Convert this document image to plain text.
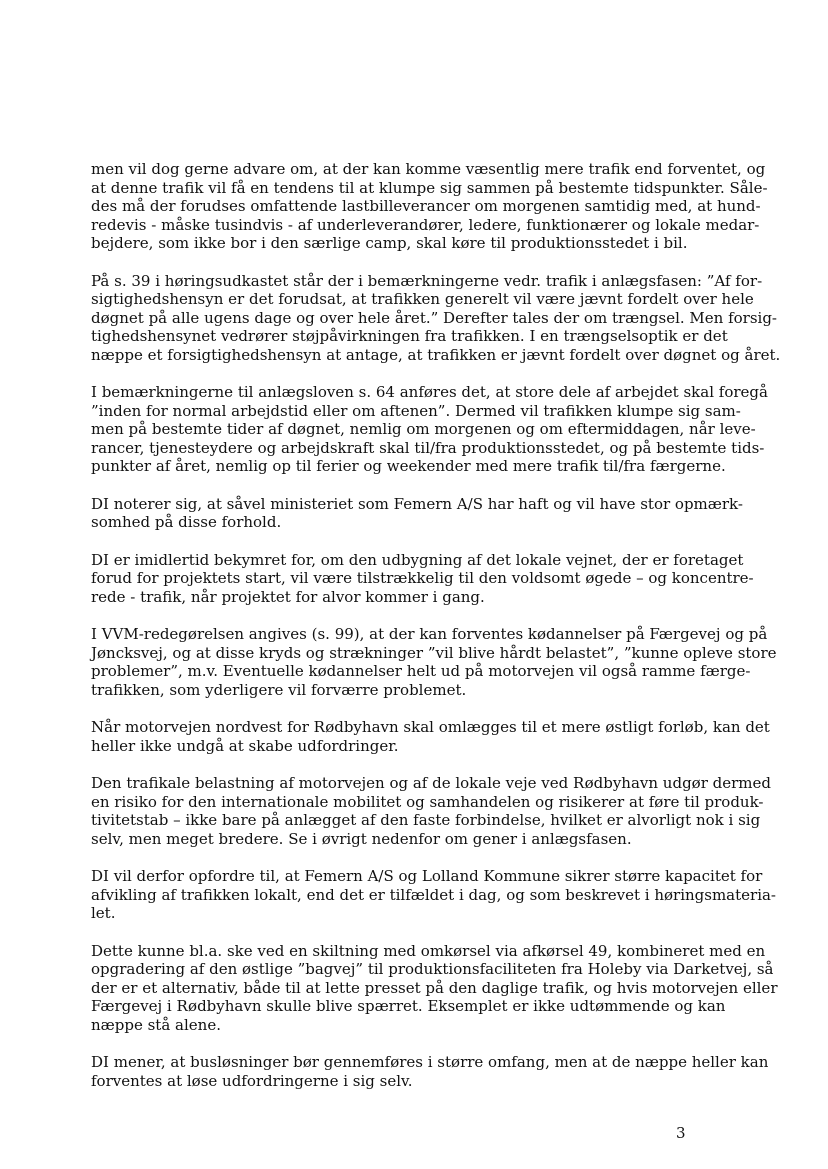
men vil dog gerne advare om, at der kan komme væsentlig mere trafik end forventet, og
at denne trafik vil få en tendens til at klumpe sig sammen på bestemte tidspunkter. Såle-
des må der forudses omfattende lastbilleverancer om morgenen samtidig med, at hund-
redevis - måske tusindvis - af underleverandører, ledere, funktionærer og lokale medar-
bejdere, som ikke bor i den særlige camp, skal køre til produktionsstedet i bil.

På s. 39 i høringsudkastet står der i bemærkningerne vedr. trafik i anlægsfasen: ”Af for-
sigtighedshensyn er det forudsat, at trafikken generelt vil være jævnt fordelt over hele
døgnet på alle ugens dage og over hele året.” Derefter tales der om trængsel. Men forsig-
tighedshensynet vedrører støjpåvirkningen fra trafikken. I en trængselsoptik er det
næppe et forsigtighedshensyn at antage, at trafikken er jævnt fordelt over døgnet og året.

I bemærkningerne til anlægsloven s. 64 anføres det, at store dele af arbejdet skal foregå
”inden for normal arbejdstid eller om aftenen”. Dermed vil trafikken klumpe sig sam-
men på bestemte tider af døgnet, nemlig om morgenen og om eftermiddagen, når leve-
rancer, tjenesteydere og arbejdskraft skal til/fra produktionsstedet, og på bestemte tids-
punkter af året, nemlig op til ferier og weekender med mere trafik til/fra færgerne.

DI noterer sig, at såvel ministeriet som Femern A/S har haft og vil have stor opmærk-
somhed på disse forhold.

DI er imidlertid bekymret for, om den udbygning af det lokale vejnet, der er foretaget
forud for projektets start, vil være tilstrækkelig til den voldsomt øgede – og koncentre-
rede - trafik, når projektet for alvor kommer i gang.

I VVM-redegørelsen angives (s. 99), at der kan forventes kødannelser på Færgevej og på
Jøncksvej, og at disse kryds og strækninger ”vil blive hårdt belastet”, ”kunne opleve store
problemer”, m.v. Eventuelle kødannelser helt ud på motorvejen vil også ramme færge-
trafikken, som yderligere vil forværre problemet.

Når motorvejen nordvest for Rødbyhavn skal omlægges til et mere østligt forløb, kan det
heller ikke undgå at skabe udfordringer.

Den trafikale belastning af motorvejen og af de lokale veje ved Rødbyhavn udgør dermed
en risiko for den internationale mobilitet og samhandelen og risikerer at føre til produk-
tivitetstab – ikke bare på anlægget af den faste forbindelse, hvilket er alvorligt nok i sig
selv, men meget bredere. Se i øvrigt nedenfor om gener i anlægsfasen.

DI vil derfor opfordre til, at Femern A/S og Lolland Kommune sikrer større kapacitet for
afvikling af trafikken lokalt, end det er tilfældet i dag, og som beskrevet i høringsmateria-
let.

Dette kunne bl.a. ske ved en skiltning med omkørsel via afkørsel 49, kombineret med en
opgradering af den østlige ”bagvej” til produktionsfaciliteten fra Holeby via Darketvej, så
der er et alternativ, både til at lette presset på den daglige trafik, og hvis motorvejen eller
Færgevej i Rødbyhavn skulle blive spærret. Eksemplet er ikke udtømmende og kan
næppe stå alene.

DI mener, at busløsninger bør gennemføres i større omfang, men at de næppe heller kan
forventes at løse udfordringerne i sig selv.

3
